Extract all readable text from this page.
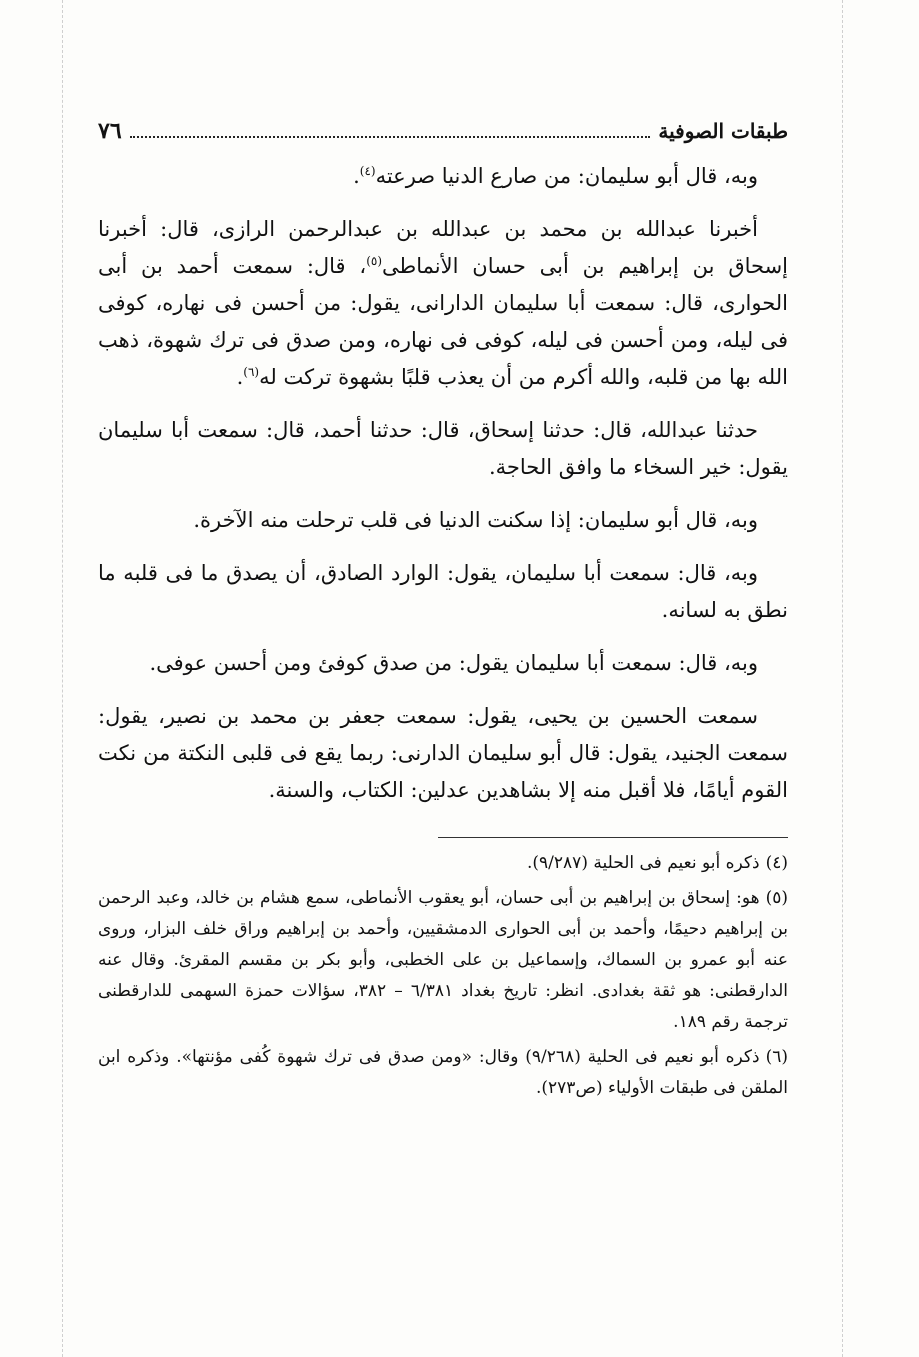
طبقات الصوفية
٧٦

وبه، قال أبو سليمان: من صارع الدنيا صرعته$^{(٤)}$.

أخبرنا عبدالله بن محمد بن عبدالله بن عبدالرحمن الرازى، قال: أخبرنا إسحاق بن إبراهيم بن أبى حسان الأنماطى$^{(٥)}$، قال: سمعت أحمد بن أبى الحوارى، قال: سمعت أبا سليمان الدارانى، يقول: من أحسن فى نهاره، كوفى فى ليله، ومن أحسن فى ليله، كوفى فى نهاره، ومن صدق فى ترك شهوة، ذهب الله بها من قلبه، والله أكرم من أن يعذب قلبًا بشهوة تركت له$^{(٦)}$.

حدثنا عبدالله، قال: حدثنا إسحاق، قال: حدثنا أحمد، قال: سمعت أبا سليمان يقول: خير السخاء ما وافق الحاجة.

وبه، قال أبو سليمان: إذا سكنت الدنيا فى قلب ترحلت منه الآخرة.

وبه، قال: سمعت أبا سليمان، يقول: الوارد الصادق، أن يصدق ما فى قلبه ما نطق به لسانه.

وبه، قال: سمعت أبا سليمان يقول: من صدق كوفئ ومن أحسن عوفى.

سمعت الحسين بن يحيى، يقول: سمعت جعفر بن محمد بن نصير، يقول: سمعت الجنيد، يقول: قال أبو سليمان الدارنى: ربما يقع فى قلبى النكتة من نكت القوم أيامًا، فلا أقبل منه إلا بشاهدين عدلين: الكتاب، والسنة.

(٤)ذكره أبو نعيم فى الحلية (٩/٢٨٧).

(٥)هو: إسحاق بن إبراهيم بن أبى حسان، أبو يعقوب الأنماطى، سمع هشام بن خالد، وعبد الرحمن بن إبراهيم دحيمًا، وأحمد بن أبى الحوارى الدمشقيين، وأحمد بن إبراهيم وراق خلف البزار، وروى عنه أبو عمرو بن السماك، وإسماعيل بن على الخطبى، وأبو بكر بن مقسم المقرئ. وقال عنه الدارقطنى: هو ثقة بغدادى. انظر: تاريخ بغداد ٦/٣٨١ – ٣٨٢، سؤالات حمزة السهمى للدارقطنى ترجمة رقم ١٨٩.

(٦)ذكره أبو نعيم فى الحلية (٩/٢٦٨) وقال: «ومن صدق فى ترك شهوة كُفى مؤنتها». وذكره ابن الملقن فى طبقات الأولياء (ص٢٧٣).
